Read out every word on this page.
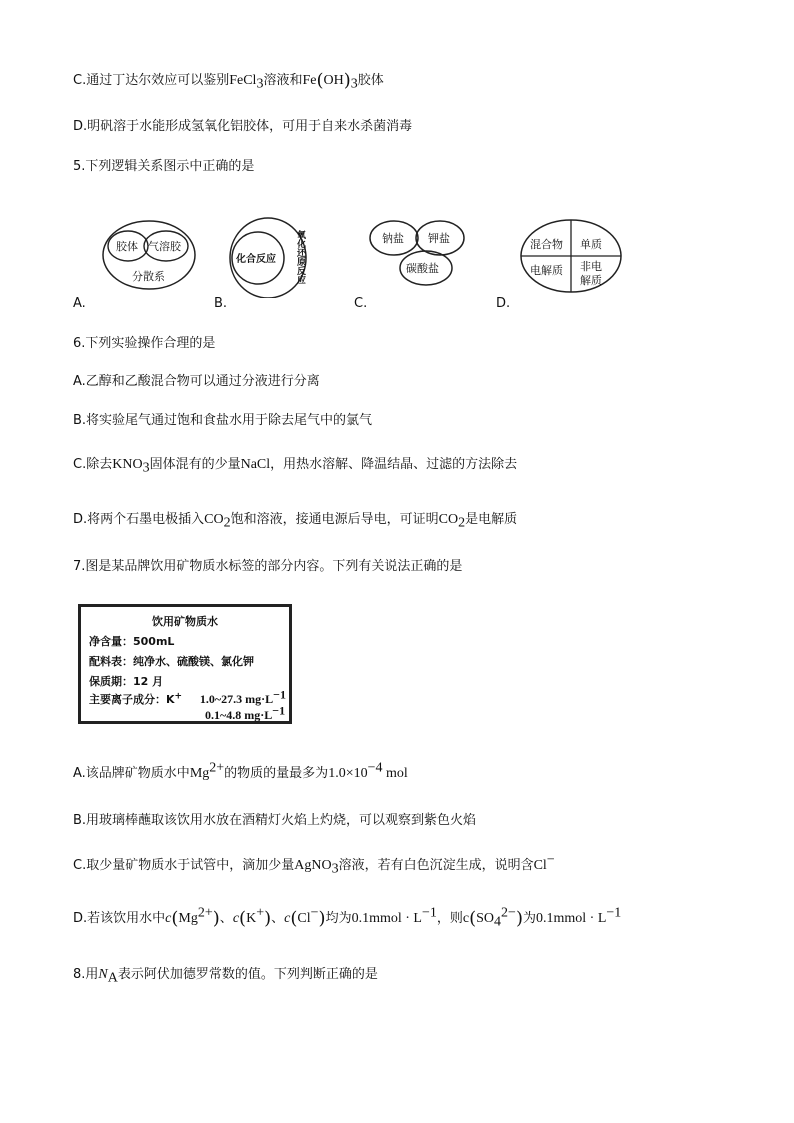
C.通过丁达尔效应可以鉴别FeCl$_3$溶液和$Fe(OH)_3$胶体
D.明矾溶于水能形成氢氧化铝胶体，可用于自来水杀菌消毒
5.下列逻辑关系图示中正确的是
胶体 气溶胶
分散系
A.
化合反应 氧化还原反应
B.
钠盐 钾盐
碳酸盐
C.
混合物 单质
电解质 非电
解质
D.
6.下列实验操作合理的是
A.乙醇和乙酸混合物可以通过分液进行分离
B.将实验尾气通过饱和食盐水用于除去尾气中的氯气
C.除去$KNO_3$固体混有的少量NaCl，用热水溶解、降温结晶、过滤的方法除去
D.将两个石墨电极插入$CO_2$饱和溶液，接通电源后导电，可证明$CO_2$是电解质
7.图是某品牌饮用矿物质水标签的部分内容。下列有关说法正确的是
饮用矿物质水
净含量：500mL
配料表：纯净水、硫酸镁、氯化钾
保质期：12 月
主要离子成分：K+ 1.0~27.3 $mg\cdot L^{-1}$
0.1~4.8 $mg\cdot L^{-1}$
A.该品牌矿物质水中$Mg^{2+}$的物质的量最多为$1.0\times 10^{-4}$ mol
B.用玻璃棒蘸取该饮用水放在酒精灯火焰上灼烧，可以观察到紫色火焰
C.取少量矿物质水于试管中，滴加少量AgNO$_3$溶液，若有白色沉淀生成，说明含Cl−
D.若该饮用水中$c(Mg^{2+})$、c(K+)、c(Cl−)均为0.1mmol · $L^{-1}$，则$c(SO_4^{2-})$为0.1mmol · $L^{-1}$
8.用$N_A$表示阿伏加德罗常数的值。下列判断正确的是
